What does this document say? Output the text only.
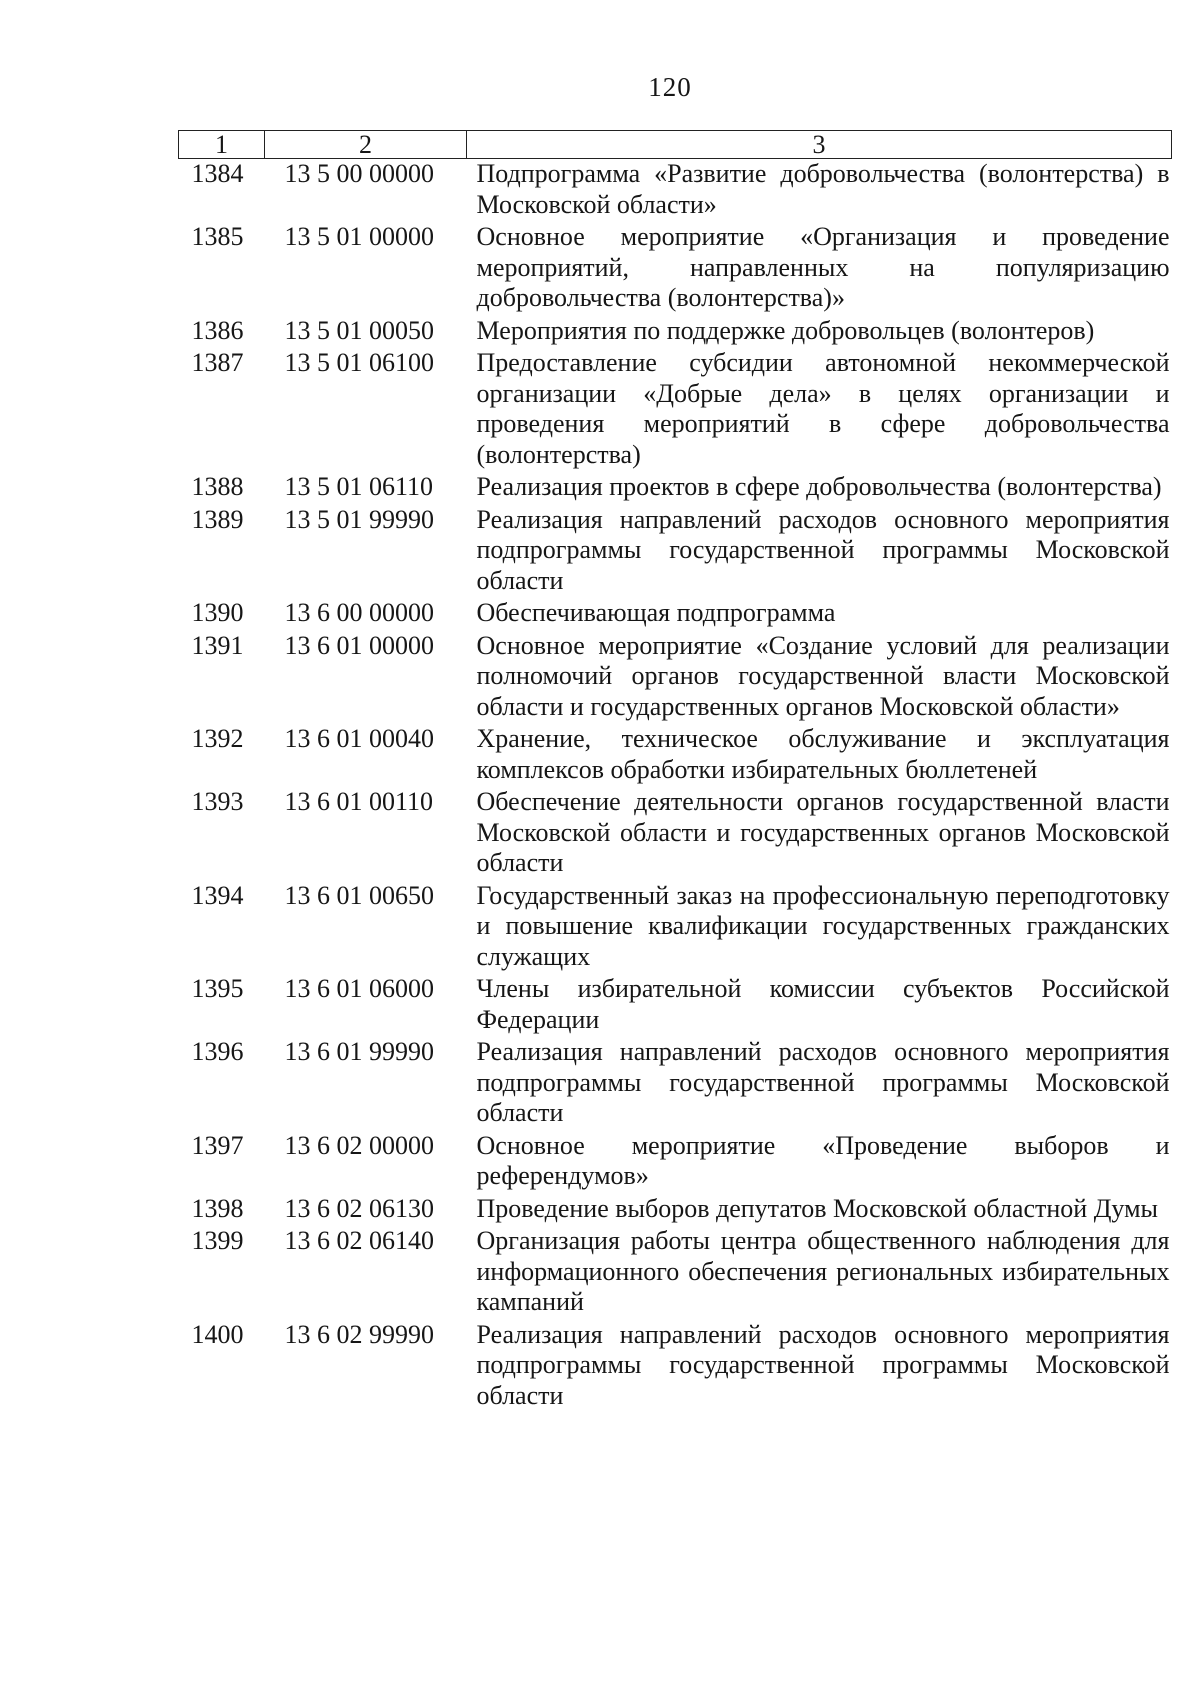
120
1	2	3
1384	13 5 00 00000	Подпрограмма «Развитие добровольчества (волонтерства) в Московской области»
1385	13 5 01 00000	Основное мероприятие «Организация и проведение мероприятий, направленных на популяризацию добровольчества (волонтерства)»
1386	13 5 01 00050	Мероприятия по поддержке добровольцев (волонтеров)
1387	13 5 01 06100	Предоставление субсидии автономной некоммерческой организации «Добрые дела» в целях организации и проведения мероприятий в сфере добровольчества (волонтерства)
1388	13 5 01 06110	Реализация проектов в сфере добровольчества (волонтерства)
1389	13 5 01 99990	Реализация направлений расходов основного мероприятия подпрограммы государственной программы Московской области
1390	13 6 00 00000	Обеспечивающая подпрограмма
1391	13 6 01 00000	Основное мероприятие «Создание условий для реализации полномочий органов государственной власти Московской области и государственных органов Московской области»
1392	13 6 01 00040	Хранение, техническое обслуживание и эксплуатация комплексов обработки избирательных бюллетеней
1393	13 6 01 00110	Обеспечение деятельности органов государственной власти Московской области и государственных органов Московской области
1394	13 6 01 00650	Государственный заказ на профессиональную переподготовку и повышение квалификации государственных гражданских служащих
1395	13 6 01 06000	Члены избирательной комиссии субъектов Российской Федерации
1396	13 6 01 99990	Реализация направлений расходов основного мероприятия подпрограммы государственной программы Московской области
1397	13 6 02 00000	Основное мероприятие «Проведение выборов и референдумов»
1398	13 6 02 06130	Проведение выборов депутатов Московской областной Думы
1399	13 6 02 06140	Организация работы центра общественного наблюдения для информационного обеспечения региональных избирательных кампаний
1400	13 6 02 99990	Реализация направлений расходов основного мероприятия подпрограммы государственной программы Московской области
